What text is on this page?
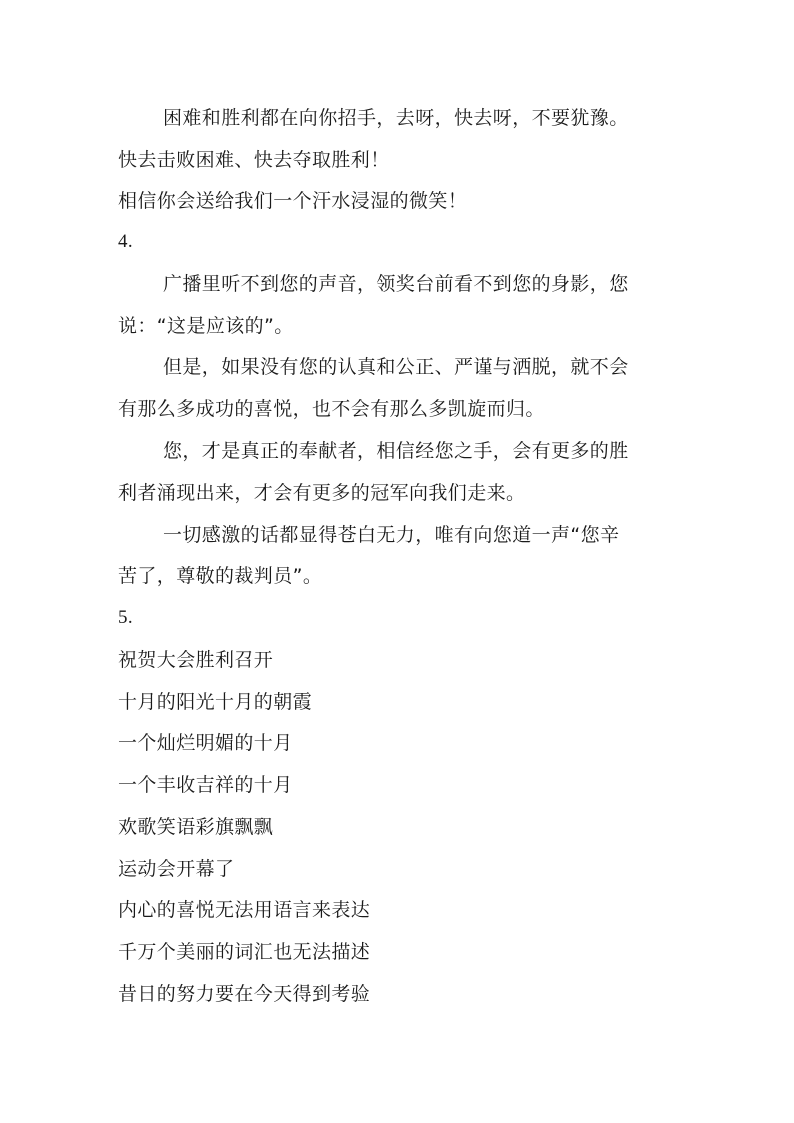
困难和胜利都在向你招手，去呀，快去呀，不要犹豫。
快去击败困难、快去夺取胜利！
相信你会送给我们一个汗水浸湿的微笑！
4.
广播里听不到您的声音，领奖台前看不到您的身影，您
说：“这是应该的”。
但是，如果没有您的认真和公正、严谨与洒脱，就不会
有那么多成功的喜悦，也不会有那么多凯旋而归。
您，才是真正的奉献者，相信经您之手，会有更多的胜
利者涌现出来，才会有更多的冠军向我们走来。
一切感激的话都显得苍白无力，唯有向您道一声“您辛
苦了，尊敬的裁判员”。
5.
祝贺大会胜利召开
十月的阳光十月的朝霞
一个灿烂明媚的十月
一个丰收吉祥的十月
欢歌笑语彩旗飘飘
运动会开幕了
内心的喜悦无法用语言来表达
千万个美丽的词汇也无法描述
昔日的努力要在今天得到考验
